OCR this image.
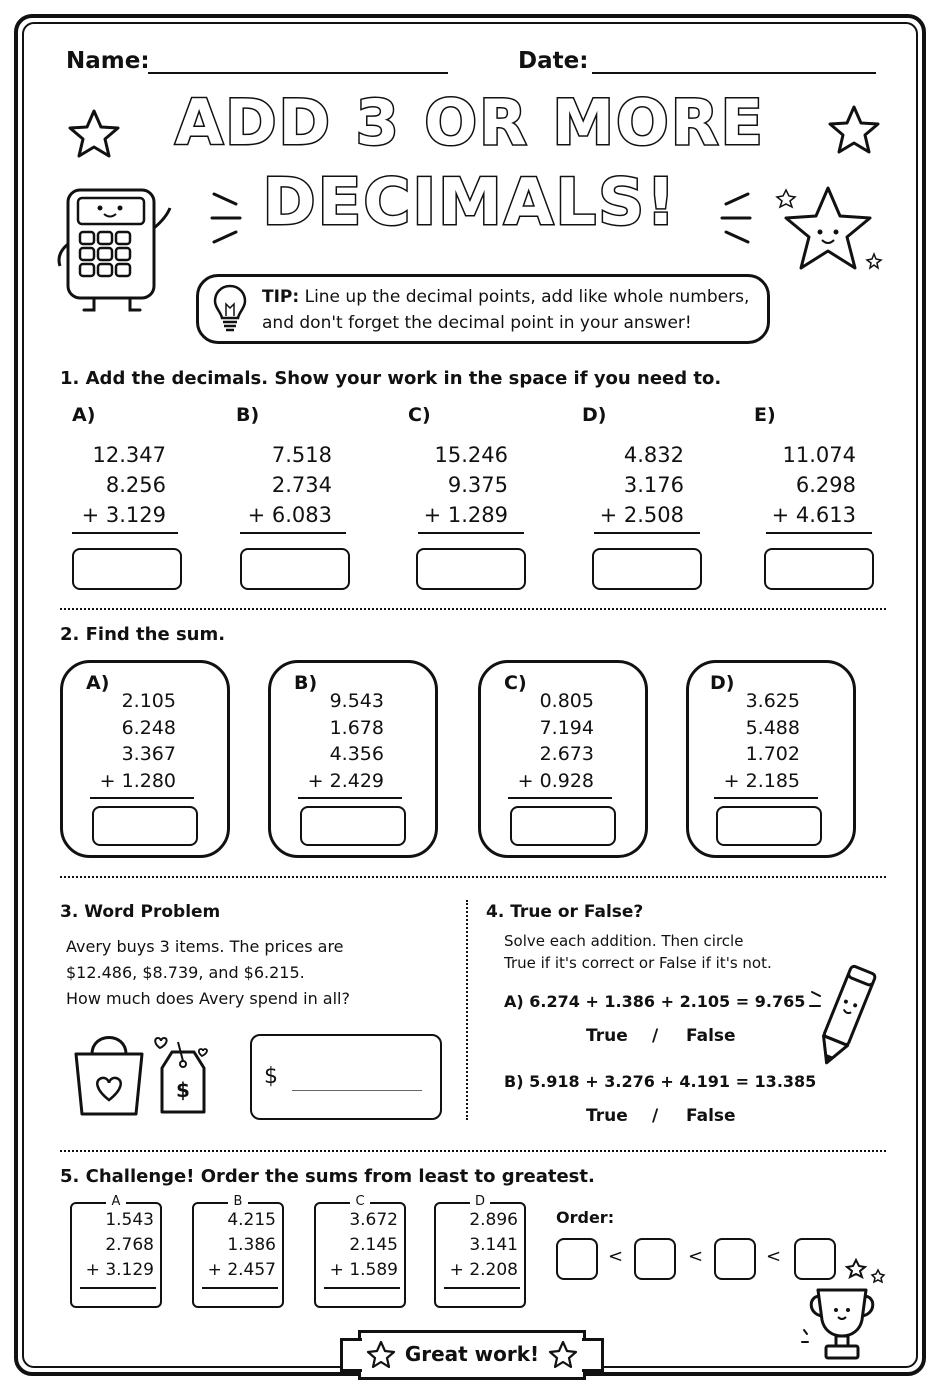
Name:	Date:
ADD 3 OR MORE
DECIMALS!
TIP: Line up the decimal points, add like whole numbers,
and don't forget the decimal point in your answer!
1. Add the decimals. Show your work in the space if you need to.
A)
12.347
8.256
+ 3.129
B)
7.518
2.734
+ 6.083
C)
15.246
9.375
+ 1.289
D)
4.832
3.176
+ 2.508
E)
11.074
6.298
+ 4.613
2. Find the sum.
A)
2.105
6.248
3.367
+ 1.280
B)
9.543
1.678
4.356
+ 2.429
C)
0.805
7.194
2.673
+ 0.928
D)
3.625
5.488
1.702
+ 2.185
3. Word Problem
Avery buys 3 items. The prices are
$12.486, $8.739, and $6.215.
How much does Avery spend in all?
$
$
4. True or False?
Solve each addition. Then circle
True if it's correct or False if it's not.
A) 6.274 + 1.386 + 2.105 = 9.765
True / False
B) 5.918 + 3.276 + 4.191 = 13.385
True / False
5. Challenge! Order the sums from least to greatest.
A
1.543
2.768
+ 3.129
B
4.215
1.386
+ 2.457
C
3.672
2.145
+ 1.589
D
2.896
3.141
+ 2.208
Order:
<	<	<
Great work!
